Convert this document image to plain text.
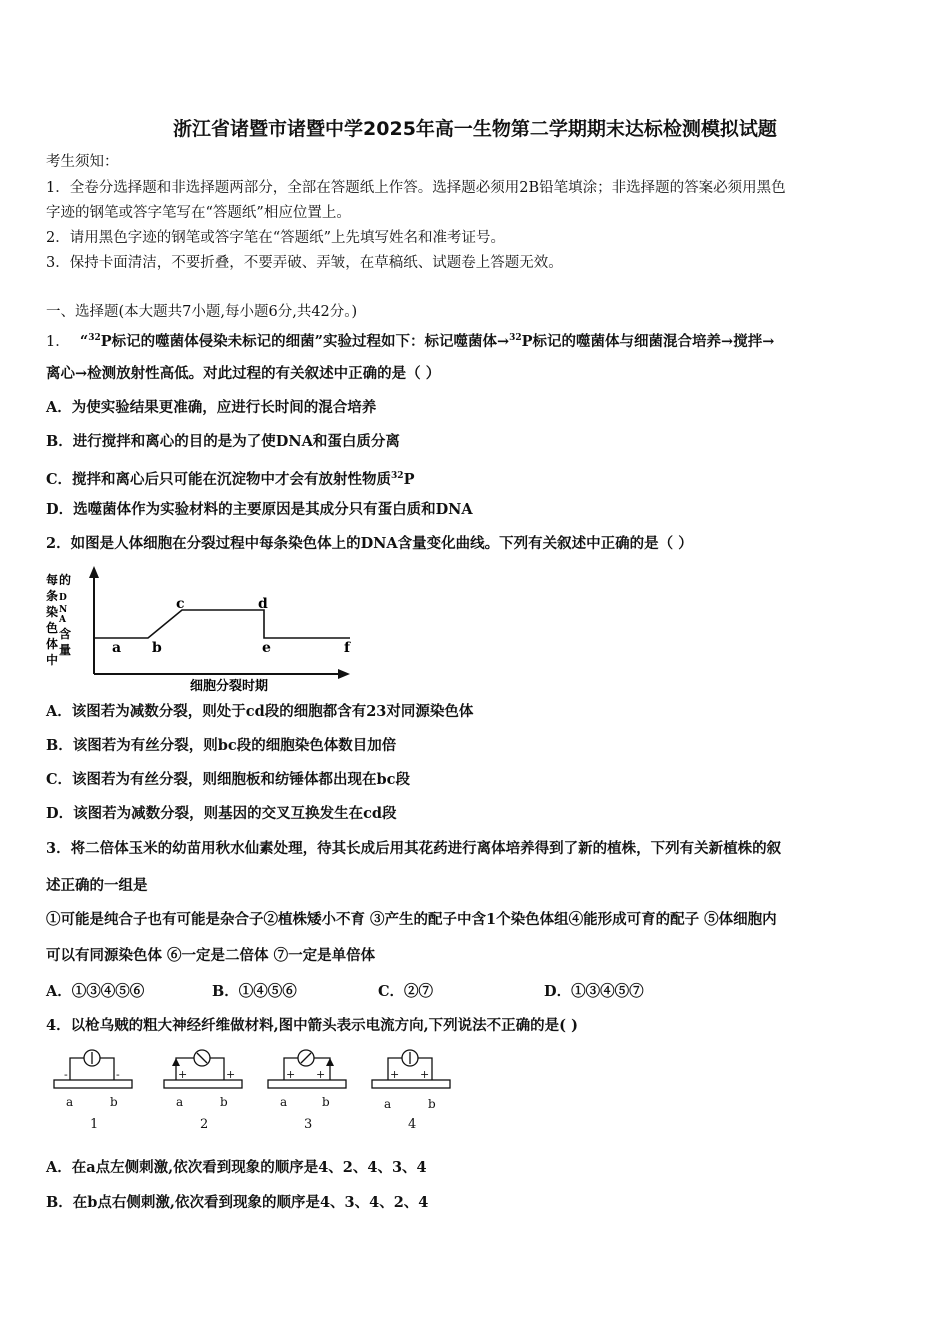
浙江省诸暨市诸暨中学2025年高一生物第二学期期末达标检测模拟试题
考生须知：
1．全卷分选择题和非选择题两部分，全部在答题纸上作答。选择题必须用2B铅笔填涂；非选择题的答案必须用黑色
字迹的钢笔或答字笔写在“答题纸”相应位置上。
2．请用黑色字迹的钢笔或答字笔在“答题纸”上先填写姓名和准考证号。
3．保持卡面清洁，不要折叠，不要弄破、弄皱，在草稿纸、试题卷上答题无效。
一、选择题(本大题共7小题,每小题6分,共42分。)
1． “$^{32}$P标记的噬菌体侵染未标记的细菌”实验过程如下：标记噬菌体→$^{32}$P标记的噬菌体与细菌混合培养→搅拌→
离心→检测放射性高低。对此过程的有关叙述中正确的是（ ）
A．为使实验结果更准确，应进行长时间的混合培养
B．进行搅拌和离心的目的是为了使DNA和蛋白质分离
C．搅拌和离心后只可能在沉淀物中才会有放射性物质$^{32}$P
D．选噬菌体作为实验材料的主要原因是其成分只有蛋白质和DNA
2．如图是人体细胞在分裂过程中每条染色体上的DNA含量变化曲线。下列有关叙述中正确的是（ ）
每 的
条 D
染 N
A
色 含
体 量
中
a b
c	d
e	f
细胞分裂时期
A．该图若为减数分裂，则处于cd段的细胞都含有23对同源染色体
B．该图若为有丝分裂，则bc段的细胞染色体数目加倍
C．该图若为有丝分裂，则细胞板和纺锤体都出现在bc段
D．该图若为减数分裂，则基因的交叉互换发生在cd段
3．将二倍体玉米的幼苗用秋水仙素处理，待其长成后用其花药进行离体培养得到了新的植株，下列有关新植株的叙
述正确的一组是
①可能是纯合子也有可能是杂合子②植株矮小不育 ③产生的配子中含1个染色体组④能形成可育的配子 ⑤体细胞内
可以有同源染色体 ⑥一定是二倍体 ⑦一定是单倍体
A．①③④⑤⑥	B．①④⑤⑥	C．②⑦	D．①③④⑤⑦
4．以枪乌贼的粗大神经纤维做材料,图中箭头表示电流方向,下列说法不正确的是( )
-	-
a	b
1
+	+
a	b
2
+ +
a	b
3
+ +
a	b
4
A．在a点左侧刺激,依次看到现象的顺序是4、2、4、3、4
B．在b点右侧刺激,依次看到现象的顺序是4、3、4、2、4
